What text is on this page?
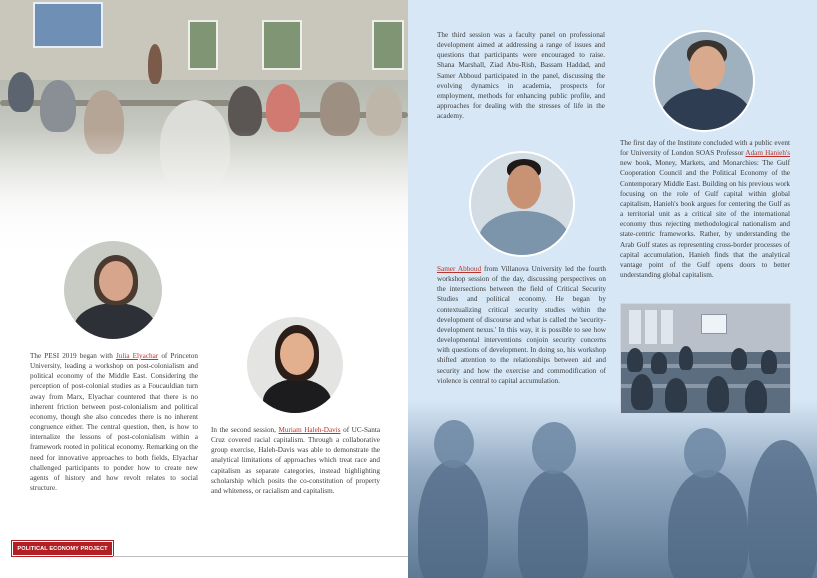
The PESI 2019 began with Julia Elyachar of Princeton University, leading a workshop on post-colonialism and political economy of the Middle East. Considering the perception of post-colonial studies as a Foucauldian turn away from Marx, Elyachar countered that there is no inherent friction between post-colonialism and political economy, though she also concedes there is no inherent congruence either. The central question, then, is how to internalize the lessons of post-colonialism within a framework rooted in political economy. Remarking on the need for innovative approaches to both fields, Elyachar challenged participants to ponder how to create new agents of history and how revolt relates to social structure.
In the second session, Muriam Haleh-Davis of UC-Santa Cruz covered racial capitalism. Through a collaborative group exercise, Haleh-Davis was able to demonstrate the analytical limitations of approaches which treat race and capitalism as separate categories, instead highlighting scholarship which posits the co-constitution of property and whiteness, or racialism and capitalism.
POLITICAL ECONOMY PROJECT
The third session was a faculty panel on professional development aimed at addressing a range of issues and questions that participants were encouraged to raise. Shana Marshall, Ziad Abu-Rish, Bassam Haddad, and Samer Abboud participated in the panel, discussing the evolving dynamics in academia, prospects for employment, methods for enhancing public profile, and approaches for dealing with the stresses of life in the academy.
The first day of the Institute concluded with a public event for University of London SOAS Professor Adam Hanieh's new book, Money, Markets, and Monarchies: The Gulf Cooperation Council and the Political Economy of the Contemporary Middle East. Building on his previous work focusing on the role of Gulf capital within global capitalism, Hanieh's book argues for centering the Gulf as a territorial unit as a critical site of the international economy thus rejecting methodological nationalism and state-centric frameworks. Rather, by understanding the Arab Gulf states as representing cross-border processes of capital accumulation, Hanieh finds that the analytical vantage point of the Gulf opens doors to better understanding global capitalism.
Samer Abboud from Villanova University led the fourth workshop session of the day, discussing perspectives on the intersections between the field of Critical Security Studies and political economy. He began by contextualizing critical security studies within the development of discourse and what is called the 'security-development nexus.' In this way, it is possible to see how developmental interventions conjoin security concerns with questions of development. In doing so, his workshop shifted attention to the relationships between aid and security and how the exercise and commodification of violence is central to capital accumulation.
